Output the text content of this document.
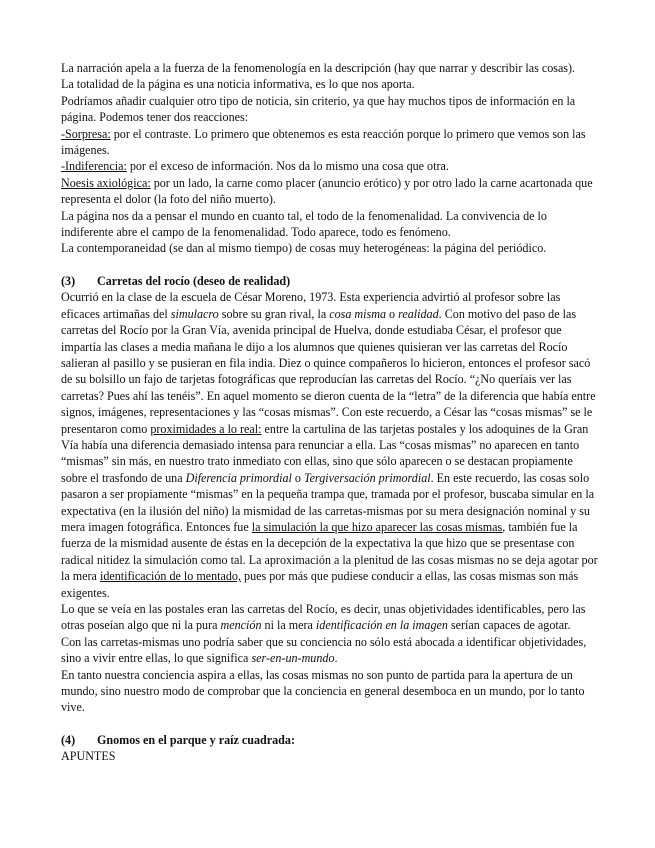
La narración apela a la fuerza de la fenomenología en la descripción (hay que narrar y describir las cosas).

La totalidad de la página es una noticia informativa, es lo que nos aporta.

Podríamos añadir cualquier otro tipo de noticia, sin criterio, ya que hay muchos tipos de información en la página. Podemos tener dos reacciones:

-Sorpresa: por el contraste. Lo primero que obtenemos es esta reacción porque lo primero que vemos son las imágenes.

-Indiferencia: por el exceso de información. Nos da lo mismo una cosa que otra.

Noesis axiológica: por un lado, la carne como placer (anuncio erótico) y por otro lado la carne acartonada que representa el dolor (la foto del niño muerto).

La página nos da a pensar el mundo en cuanto tal, el todo de la fenomenalidad. La convivencia de lo indiferente abre el campo de la fenomenalidad. Todo aparece, todo es fenómeno.

La contemporaneidad (se dan al mismo tiempo) de cosas muy heterogéneas: la página del periódico.

(3) Carretas del rocío (deseo de realidad)

Ocurrió en la clase de la escuela de César Moreno, 1973. Esta experiencia advirtió al profesor sobre las eficaces artimañas del simulacro sobre su gran rival, la cosa misma o realidad. Con motivo del paso de las carretas del Rocío por la Gran Vía, avenida principal de Huelva, donde estudiaba César, el profesor que impartía las clases a media mañana le dijo a los alumnos que quienes quisieran ver las carretas del Rocío salieran al pasillo y se pusieran en fila india. Diez o quince compañeros lo hicieron, entonces el profesor sacó de su bolsillo un fajo de tarjetas fotográficas que reproducían las carretas del Rocío. “¿No queríais ver las carretas? Pues ahí las tenéis”. En aquel momento se dieron cuenta de la “letra” de la diferencia que había entre signos, imágenes, representaciones y las “cosas mismas”. Con este recuerdo, a César las “cosas mismas” se le presentaron como proximidades a lo real: entre la cartulina de las tarjetas postales y los adoquines de la Gran Vía había una diferencia demasiado intensa para renunciar a ella. Las “cosas mismas” no aparecen en tanto “mismas” sin más, en nuestro trato inmediato con ellas, sino que sólo aparecen o se destacan propiamente sobre el trasfondo de una Diferencia primordial o Tergiversación primordial. En este recuerdo, las cosas solo pasaron a ser propiamente “mismas” en la pequeña trampa que, tramada por el profesor, buscaba simular en la expectativa (en la ilusión del niño) la mismidad de las carretas-mismas por su mera designación nominal y su mera imagen fotográfica. Entonces fue la simulación la que hizo aparecer las cosas mismas, también fue la fuerza de la mismidad ausente de éstas en la decepción de la expectativa la que hizo que se presentase con radical nitidez la simulación como tal. La aproximación a la plenitud de las cosas mismas no se deja agotar por la mera identificación de lo mentado, pues por más que pudiese conducir a ellas, las cosas mismas son más exigentes.

Lo que se veía en las postales eran las carretas del Rocío, es decir, unas objetividades identificables, pero las otras poseían algo que ni la pura mención ni la mera identificación en la imagen serían capaces de agotar.

Con las carretas-mismas uno podría saber que su conciencia no sólo está abocada a identificar objetividades, sino a vivir entre ellas, lo que significa ser-en-un-mundo.

En tanto nuestra conciencia aspira a ellas, las cosas mismas no son punto de partida para la apertura de un mundo, sino nuestro modo de comprobar que la conciencia en general desemboca en un mundo, por lo tanto vive.

(4) Gnomos en el parque y raíz cuadrada:

APUNTES
